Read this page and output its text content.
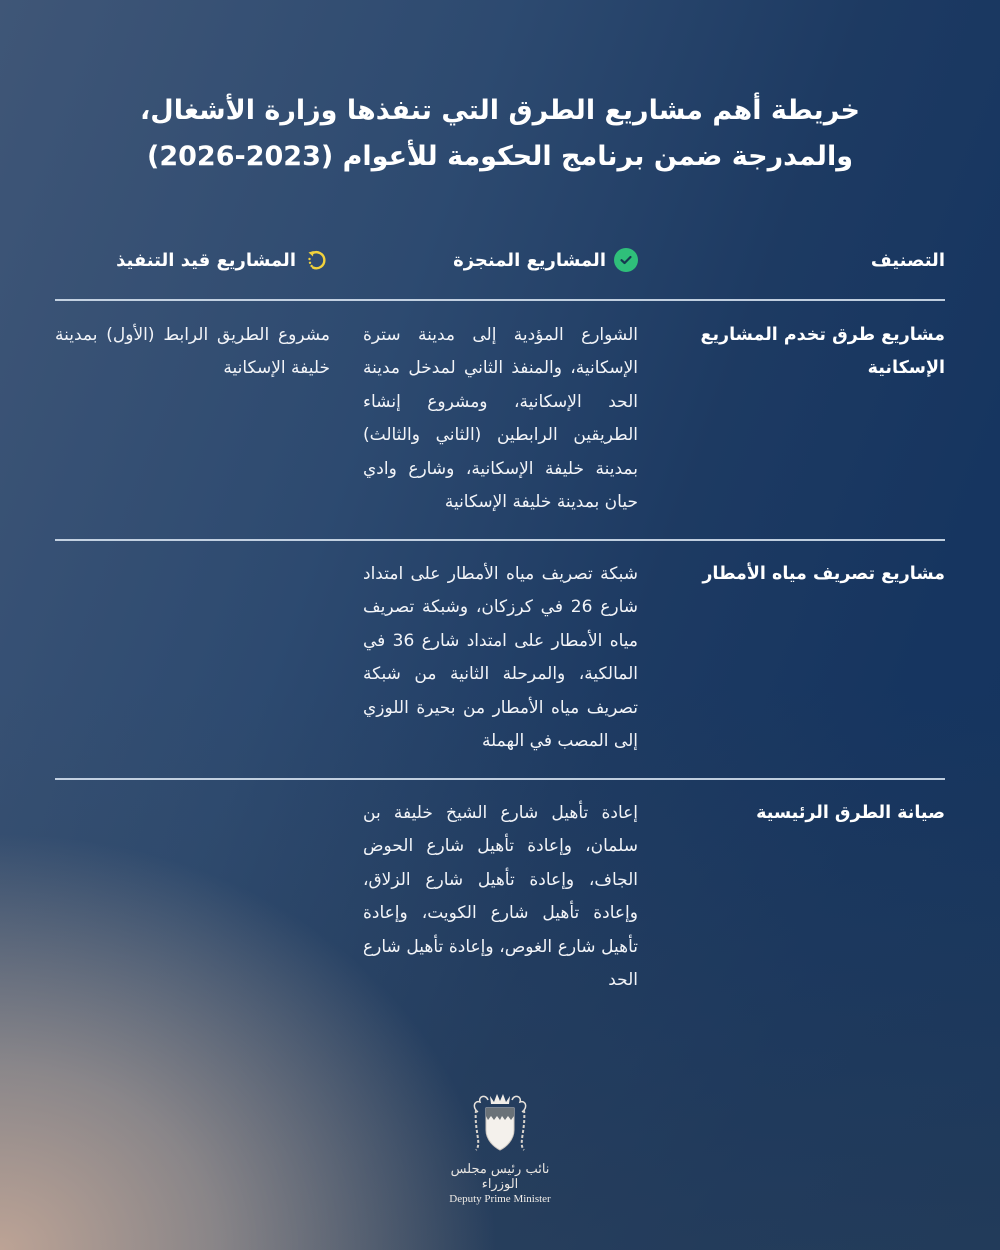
خريطة أهم مشاريع الطرق التي تنفذها وزارة الأشغال،
والمدرجة ضمن برنامج الحكومة للأعوام (2023-2026)
التصنيف
المشاريع المنجزة
المشاريع قيد التنفيذ
مشاريع طرق تخدم المشاريع الإسكانية
الشوارع المؤدية إلى مدينة سترة الإسكانية، والمنفذ الثاني لمدخل مدينة الحد الإسكانية، ومشروع إنشاء الطريقين الرابطين (الثاني والثالث) بمدينة خليفة الإسكانية، وشارع وادي حيان بمدينة خليفة الإسكانية
مشروع الطريق الرابط (الأول) بمدينة خليفة الإسكانية
مشاريع تصريف مياه الأمطار
شبكة تصريف مياه الأمطار على امتداد شارع 26 في كرزكان، وشبكة تصريف مياه الأمطار على امتداد شارع 36 في المالكية، والمرحلة الثانية من شبكة تصريف مياه الأمطار من بحيرة اللوزي إلى المصب في الهملة
صيانة الطرق الرئيسية
إعادة تأهيل شارع الشيخ خليفة بن سلمان، وإعادة تأهيل شارع الحوض الجاف، وإعادة تأهيل شارع الزلاق، وإعادة تأهيل شارع الكويت، وإعادة تأهيل شارع الغوص، وإعادة تأهيل شارع الحد
نائب رئيس مجلس الوزراء
Deputy Prime Minister
